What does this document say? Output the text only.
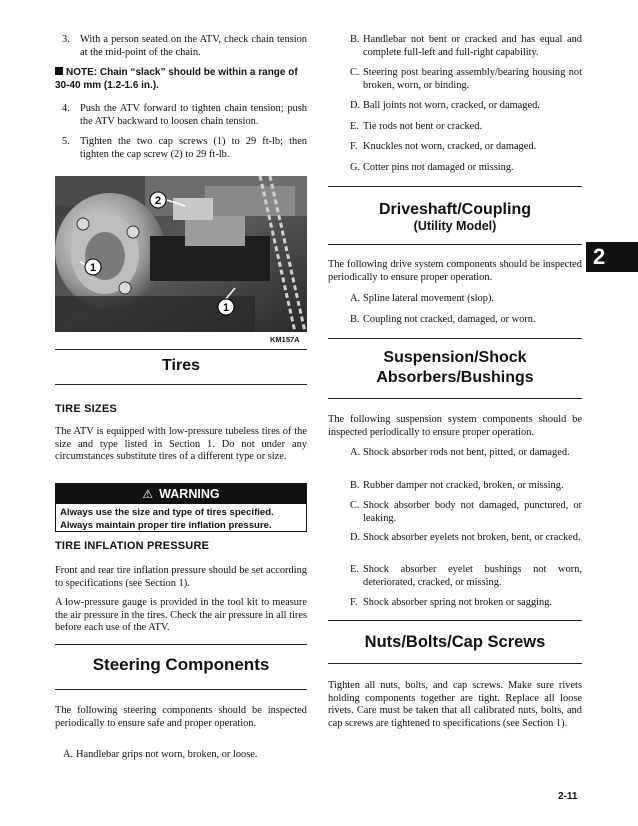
3. With a person seated on the ATV, check chain tension at the mid-point of the chain.
NOTE: Chain “slack” should be within a range of 30-40 mm (1.2-1.6 in.).
4. Push the ATV forward to tighten chain tension; push the ATV backward to loosen chain tension.
5. Tighten the two cap screws (1) to 29 ft-lb; then tighten the cap screw (2) to 29 ft-lb.
2
1
1
KM157A
Tires
TIRE SIZES

The ATV is equipped with low-pressure tubeless tires of the size and type listed in Section 1. Do not under any circumstances substitute tires of a different type or size.

⚠ WARNING
Always use the size and type of tires specified. Always maintain proper tire inflation pressure.
TIRE INFLATION PRESSURE

Front and rear tire inflation pressure should be set according to specifications (see Section 1).

A low-pressure gauge is provided in the tool kit to measure the air pressure in the tires. Check the air pressure in all tires before each use of the ATV.

Steering Components

The following steering components should be inspected periodically to ensure safe and proper operation.

A. Handlebar grips not worn, broken, or loose.
B. Handlebar not bent or cracked and has equal and complete full-left and full-right capability.
C. Steering post bearing assembly/bearing housing not broken, worn, or binding.
D. Ball joints not worn, cracked, or damaged.
E. Tie rods not bent or cracked.
F. Knuckles not worn, cracked, or damaged.
G. Cotter pins not damaged or missing.
Driveshaft/Coupling
(Utility Model)

The following drive system components should be inspected periodically to ensure proper operation.

A. Spline lateral movement (slop).
B. Coupling not cracked, damaged, or worn.
Suspension/Shock
Absorbers/Bushings

The following suspension system components should be inspected periodically to ensure proper operation.

A. Shock absorber rods not bent, pitted, or damaged.
B. Rubber damper not cracked, broken, or missing.
C. Shock absorber body not damaged, punctured, or leaking.
D. Shock absorber eyelets not broken, bent, or cracked.
E. Shock absorber eyelet bushings not worn, deteriorated, cracked, or missing.
F. Shock absorber spring not broken or sagging.
Nuts/Bolts/Cap Screws

Tighten all nuts, bolts, and cap screws. Make sure rivets holding components together are tight. Replace all loose rivets. Care must be taken that all calibrated nuts, bolts, and cap screws are tightened to specifications (see Section 1).

2
2-11
